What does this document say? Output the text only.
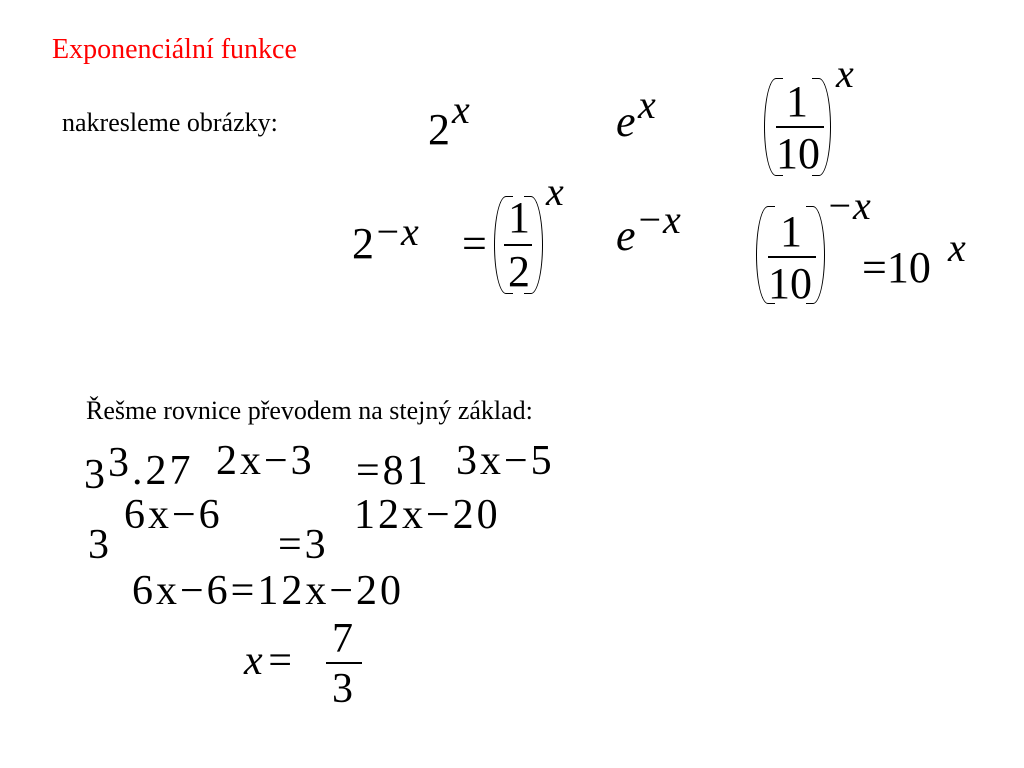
Exponenciální funkce
nakresleme obrázky:	2 x	e x	1
10
x
2 −x =
1
2
x
e −x 1
10
−x
=10 x
Řešme rovnice převodem na stejný základ:
3 3 .27 2x−3 =81 3x−5
3
6x−6
=3
12x−20
6x−6=12x−20
x= 7
3
